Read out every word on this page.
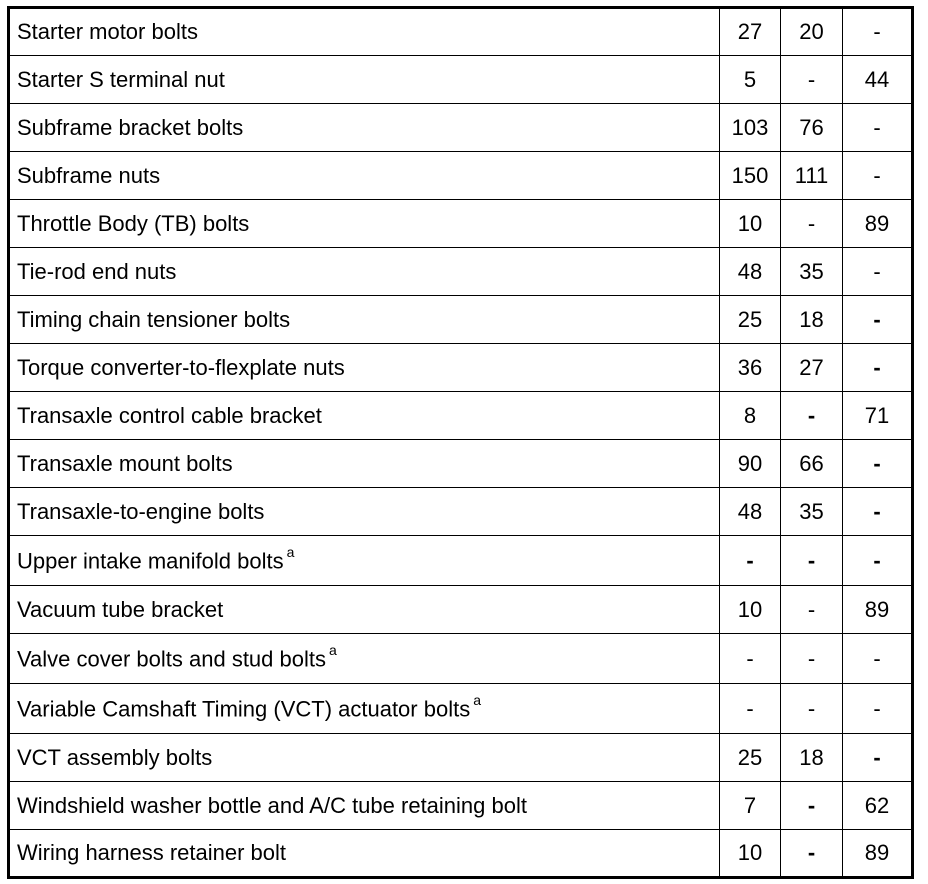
Starter motor bolts	27	20	-
Starter S terminal nut	5	-	44
Subframe bracket bolts	103	76	-
Subframe nuts	150	111	-
Throttle Body (TB) bolts	10	-	89
Tie-rod end nuts	48	35	-
Timing chain tensioner bolts	25	18	-
Torque converter-to-flexplate nuts	36	27	-
Transaxle control cable bracket	8	-	71
Transaxle mount bolts	90	66	-
Transaxle-to-engine bolts	48	35	-
Upper intake manifold bolts $^a$	-	-	-
Vacuum tube bracket	10	-	89
Valve cover bolts and stud bolts $^a$	-	-	-
Variable Camshaft Timing (VCT) actuator bolts $^a$	-	-	-
VCT assembly bolts	25	18	-
Windshield washer bottle and A/C tube retaining bolt	7	-	62
Wiring harness retainer bolt	10	-	89
